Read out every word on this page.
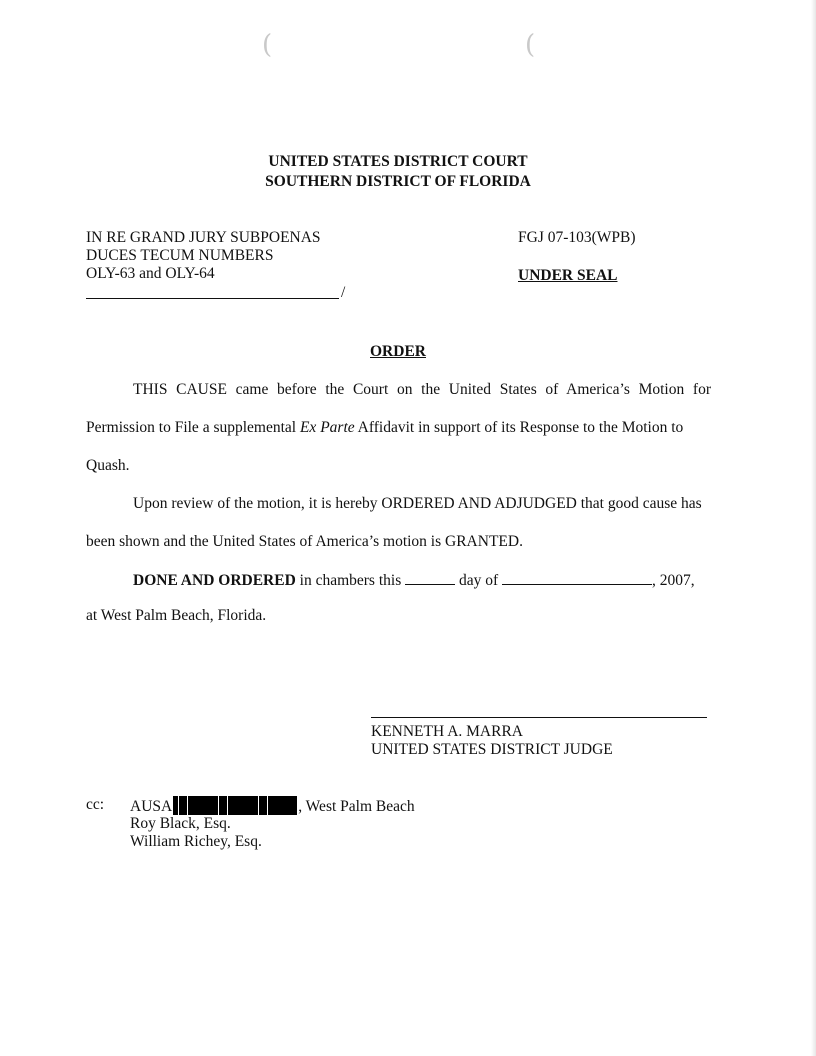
(	(
UNITED STATES DISTRICT COURT
SOUTHERN DISTRICT OF FLORIDA
IN RE GRAND JURY SUBPOENAS
DUCES TECUM NUMBERS
OLY-63 and OLY-64
/
FGJ 07-103(WPB)
UNDER SEAL
ORDER
THIS CAUSE came before the Court on the United States of America’s Motion for
Permission to File a supplemental Ex Parte Affidavit in support of its Response to the Motion to
Quash.
Upon review of the motion, it is hereby ORDERED AND ADJUDGED that good cause has
been shown and the United States of America’s motion is GRANTED.
DONE AND ORDERED in chambers this	day of	, 2007,
at West Palm Beach, Florida.
KENNETH A. MARRA
UNITED STATES DISTRICT JUDGE
cc: AUSA	, West Palm Beach
Roy Black, Esq.
William Richey, Esq.
